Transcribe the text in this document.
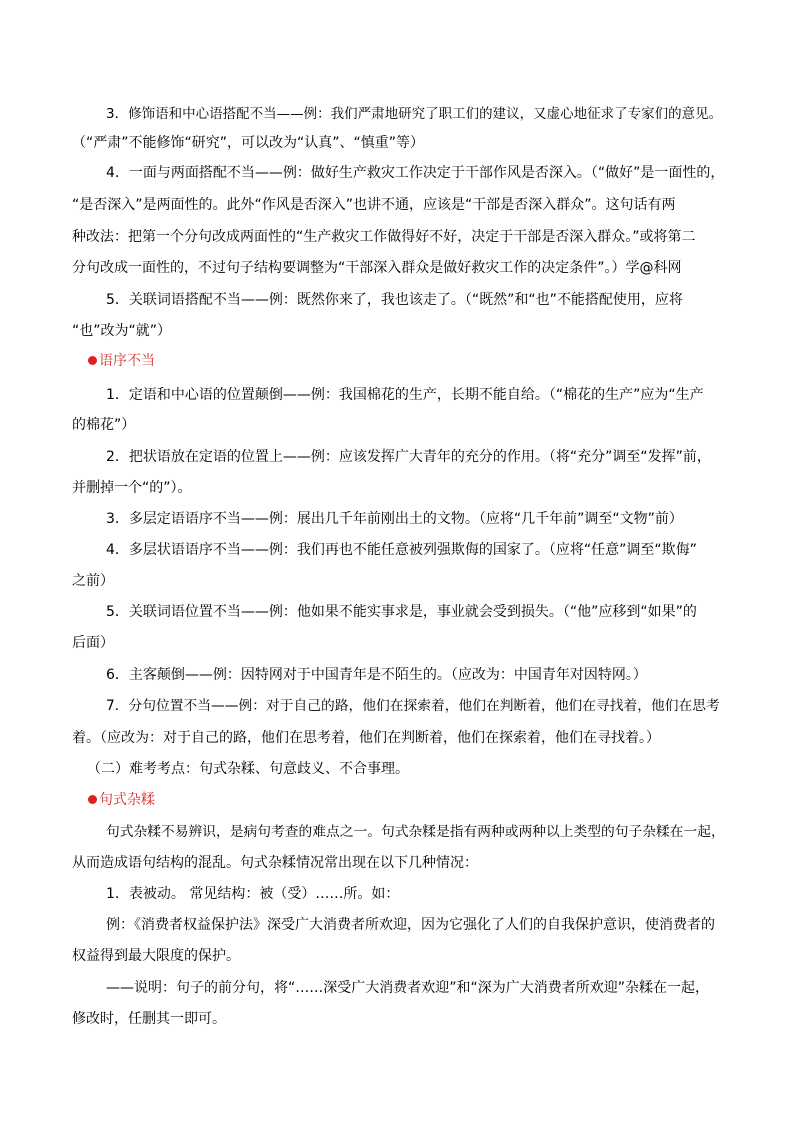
3．修饰语和中心语搭配不当——例：我们严肃地研究了职工们的建议，又虚心地征求了专家们的意见。
（“严肃”不能修饰“研究”，可以改为“认真”、“慎重”等）
4．一面与两面搭配不当——例：做好生产救灾工作决定于干部作风是否深入。（“做好”是一面性的，
“是否深入”是两面性的。此外“作风是否深入”也讲不通，应该是“干部是否深入群众”。这句话有两
种改法：把第一个分句改成两面性的“生产救灾工作做得好不好，决定于干部是否深入群众。”或将第二
分句改成一面性的，不过句子结构要调整为“干部深入群众是做好救灾工作的决定条件”。）学@科网
5．关联词语搭配不当——例：既然你来了，我也该走了。（“既然”和“也”不能搭配使用，应将
“也”改为“就”）
语序不当
1．定语和中心语的位置颠倒——例：我国棉花的生产，长期不能自给。（“棉花的生产”应为“生产
的棉花”）
2．把状语放在定语的位置上——例：应该发挥广大青年的充分的作用。（将“充分”调至“发挥”前，
并删掉一个“的”）。
3．多层定语语序不当——例：展出几千年前刚出土的文物。（应将“几千年前”调至“文物”前）
4．多层状语语序不当——例：我们再也不能任意被列强欺侮的国家了。（应将“任意”调至“欺侮”
之前）
5．关联词语位置不当——例：他如果不能实事求是，事业就会受到损失。（“他”应移到“如果”的
后面）
6．主客颠倒——例：因特网对于中国青年是不陌生的。（应改为：中国青年对因特网。）
7．分句位置不当——例：对于自己的路，他们在探索着，他们在判断着，他们在寻找着，他们在思考
着。（应改为：对于自己的路，他们在思考着，他们在判断着，他们在探索着，他们在寻找着。）
（二）难考考点：句式杂糅、句意歧义、不合事理。
句式杂糅
句式杂糅不易辨识，是病句考查的难点之一。句式杂糅是指有两种或两种以上类型的句子杂糅在一起，
从而造成语句结构的混乱。句式杂糅情况常出现在以下几种情况：
1．表被动。 常见结构：被（受）……所。如：
例：《消费者权益保护法》深受广大消费者所欢迎，因为它强化了人们的自我保护意识，使消费者的
权益得到最大限度的保护。
——说明：句子的前分句，将“……深受广大消费者欢迎”和“深为广大消费者所欢迎”杂糅在一起，
修改时，任删其一即可。
